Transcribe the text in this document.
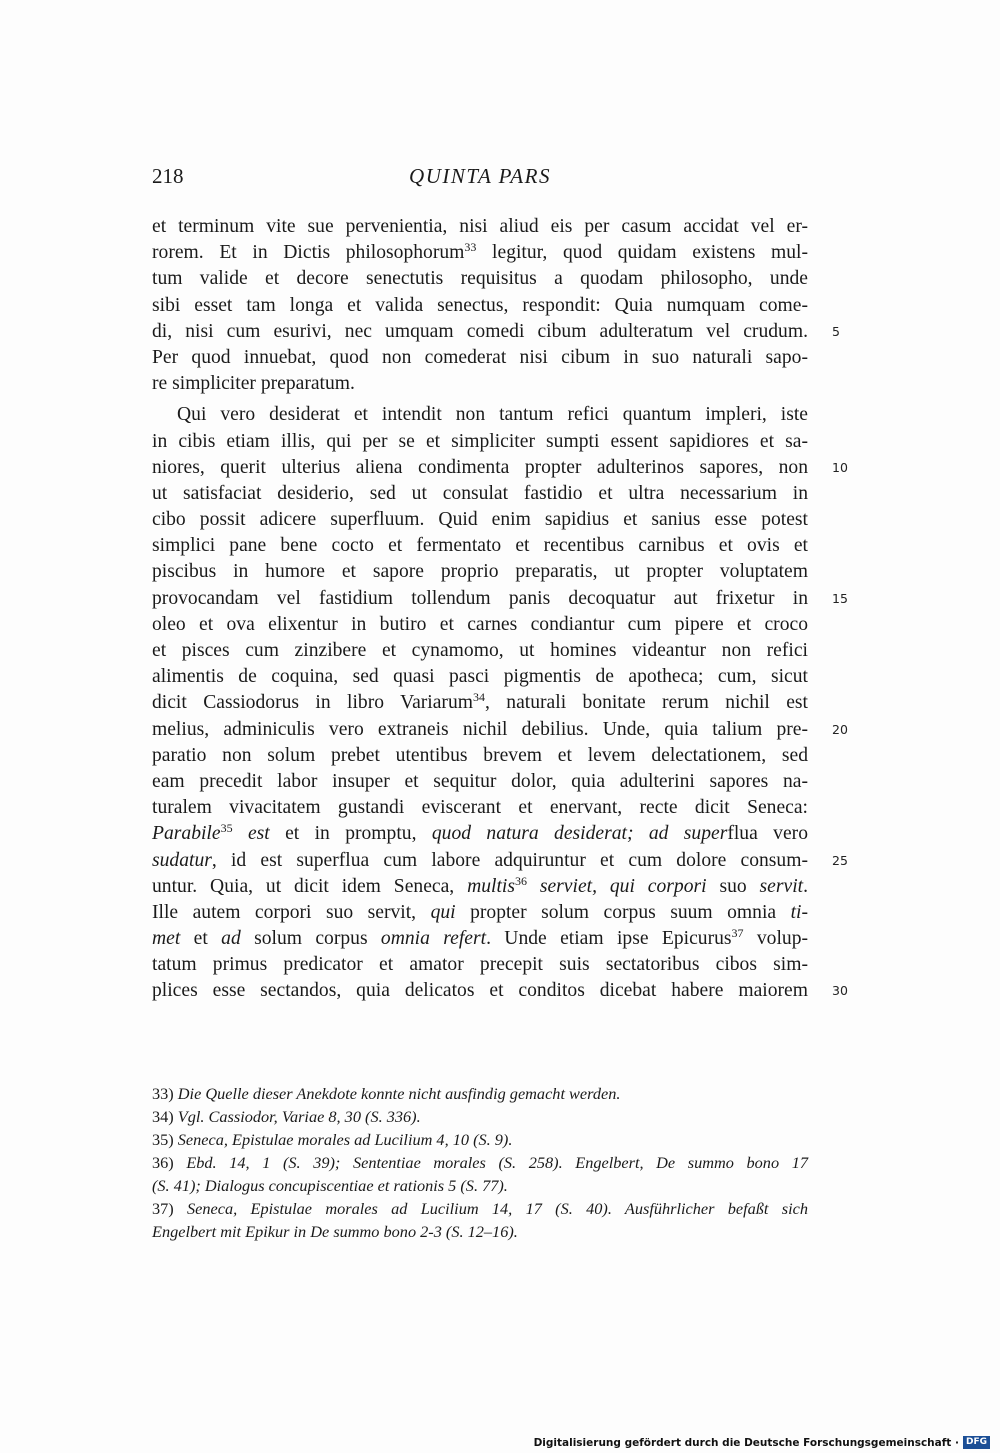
218	QUINTA PARS
et terminum vite sue pervenientia, nisi aliud eis per casum accidat vel er-
rorem. Et in Dictis philosophorum$^{33}$ legitur, quod quidam existens mul-
tum valide et decore senectutis requisitus a quodam philosopho, unde
sibi esset tam longa et valida senectus, respondit: Quia numquam come-
di, nisi cum esurivi, nec umquam comedi cibum adulteratum vel crudum. 5
Per quod innuebat, quod non comederat nisi cibum in suo naturali sapo-
re simpliciter preparatum.
Qui vero desiderat et intendit non tantum refici quantum impleri, iste
in cibis etiam illis, qui per se et simpliciter sumpti essent sapidiores et sa-
niores, querit ulterius aliena condimenta propter adulterinos sapores, non 10
ut satisfaciat desiderio, sed ut consulat fastidio et ultra necessarium in
cibo possit adicere superfluum. Quid enim sapidius et sanius esse potest
simplici pane bene cocto et fermentato et recentibus carnibus et ovis et
piscibus in humore et sapore proprio preparatis, ut propter voluptatem
provocandam vel fastidium tollendum panis decoquatur aut frixetur in 15
oleo et ova elixentur in butiro et carnes condiantur cum pipere et croco
et pisces cum zinzibere et cynamomo, ut homines videantur non refici
alimentis de coquina, sed quasi pasci pigmentis de apotheca; cum, sicut
dicit Cassiodorus in libro Variarum$^{34}$, naturali bonitate rerum nichil est
melius, adminiculis vero extraneis nichil debilius. Unde, quia talium pre- 20
paratio non solum prebet utentibus brevem et levem delectationem, sed
eam precedit labor insuper et sequitur dolor, quia adulterini sapores na-
turalem vivacitatem gustandi eviscerant et enervant, recte dicit Seneca:
Parabile$^{35}$ est et in promptu, quod natura desiderat; ad superflua vero
sudatur, id est superflua cum labore adquiruntur et cum dolore consum- 25
untur. Quia, ut dicit idem Seneca, multis$^{36}$ serviet, qui corpori suo servit.
Ille autem corpori suo servit, qui propter solum corpus suum omnia ti-
met et ad solum corpus omnia refert. Unde etiam ipse Epicurus$^{37}$ volup-
tatum primus predicator et amator precepit suis sectatoribus cibos sim-
plices esse sectandos, quia delicatos et conditos dicebat habere maiorem 30
33) Die Quelle dieser Anekdote konnte nicht ausfindig gemacht werden.
34) Vgl. Cassiodor, Variae 8, 30 (S. 336).
35) Seneca, Epistulae morales ad Lucilium 4, 10 (S. 9).
36) Ebd. 14, 1 (S. 39); Sententiae morales (S. 258). Engelbert, De summo bono 17
(S. 41); Dialogus concupiscentiae et rationis 5 (S. 77).
37) Seneca, Epistulae morales ad Lucilium 14, 17 (S. 40). Ausführlicher befaßt sich
Engelbert mit Epikur in De summo bono 2-3 (S. 12–16).
Digitalisierung gefördert durch die Deutsche Forschungsgemeinschaft · DFG
